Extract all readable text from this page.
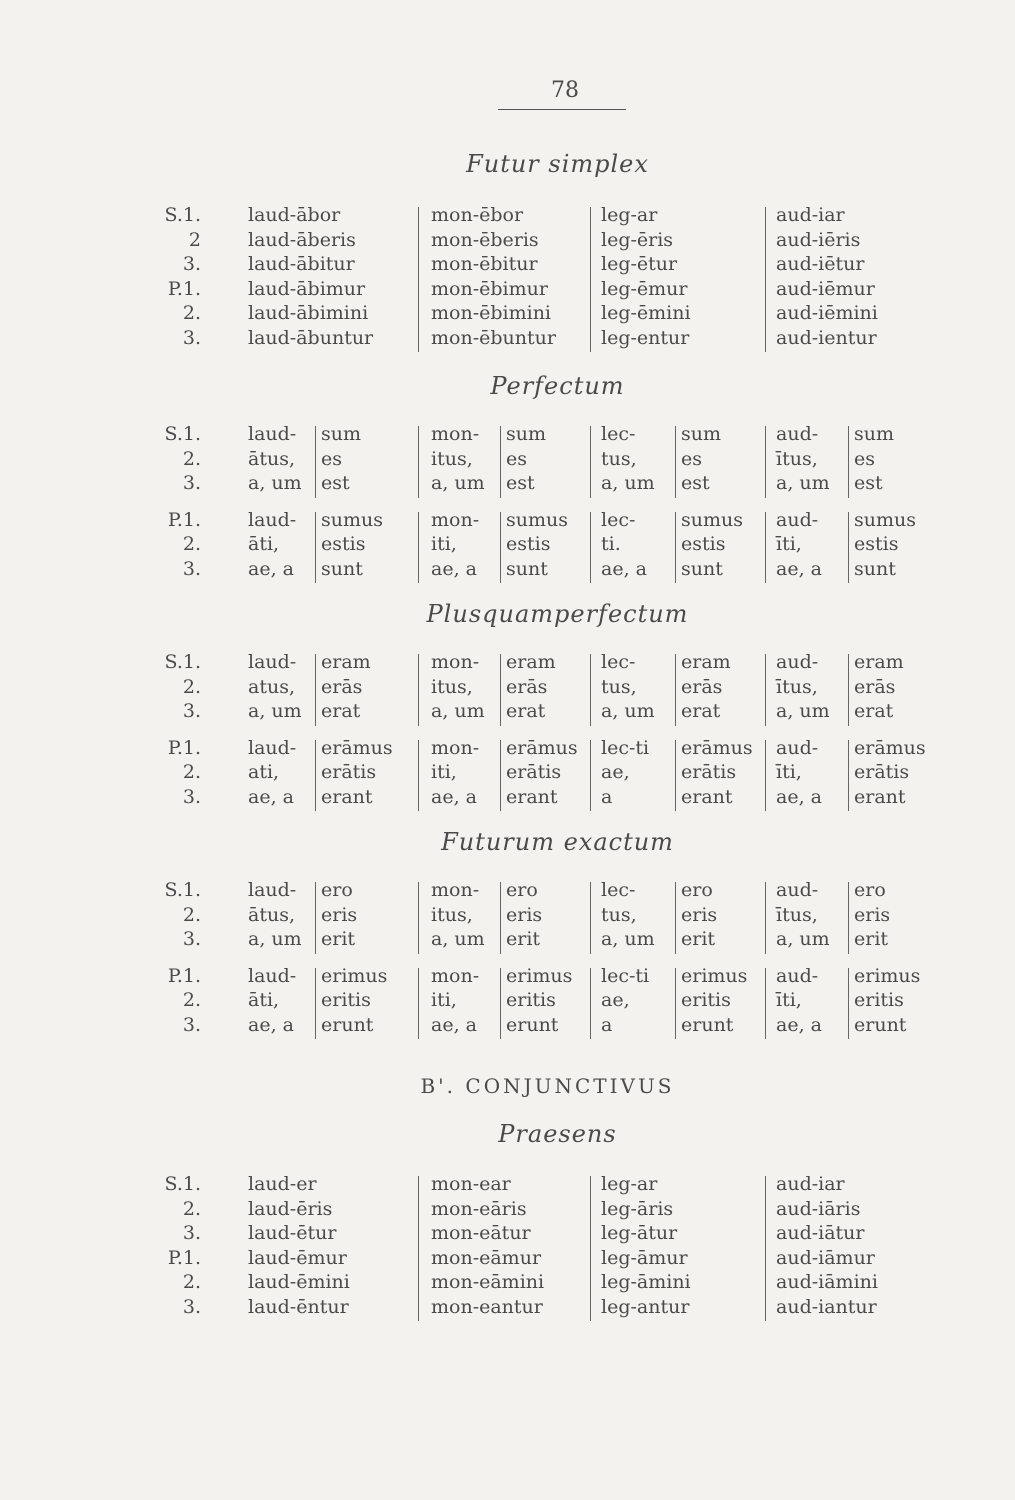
78
Futur simplex
S.1.
2
3.
P.1.
2.
3.
laud-ābor
laud-āberis
laud-ābitur
laud-ābimur
laud-ābimini
laud-ābuntur
mon-ēbor
mon-ēberis
mon-ēbitur
mon-ēbimur
mon-ēbimini
mon-ēbuntur
leg-ar
leg-ēris
leg-ētur
leg-ēmur
leg-ēmini
leg-entur
aud-iar
aud-iēris
aud-iētur
aud-iēmur
aud-iēmini
aud-ientur
Perfectum
S.1.
2.
3.
P.1.
2.
3.
laud-
ātus,
a, um
laud-
āti,
ae, a
sum
es
est
sumus
estis
sunt
mon-
itus,
a, um
mon-
iti,
ae, a
sum
es
est
sumus
estis
sunt
lec-
tus,
a, um
lec-
ti.
ae, a
sum
es
est
sumus
estis
sunt
aud-
ītus,
a, um
aud-
īti,
ae, a
sum
es
est
sumus
estis
sunt
Plusquamperfectum
S.1.
2.
3.
P.1.
2.
3.
laud-
atus,
a, um
laud-
ati,
ae, a
eram
erās
erat
erāmus
erātis
erant
mon-
itus,
a, um
mon-
iti,
ae, a
eram
erās
erat
erāmus
erātis
erant
lec-
tus,
a, um
lec-ti
ae,
a
eram
erās
erat
erāmus
erātis
erant
aud-
ītus,
a, um
aud-
īti,
ae, a
eram
erās
erat
erāmus
erātis
erant
Futurum exactum
S.1.
2.
3.
P.1.
2.
3.
laud-
ātus,
a, um
laud-
āti,
ae, a
ero
eris
erit
erimus
eritis
erunt
mon-
itus,
a, um
mon-
iti,
ae, a
ero
eris
erit
erimus
eritis
erunt
lec-
tus,
a, um
lec-ti
ae,
a
ero
eris
erit
erimus
eritis
erunt
aud-
ītus,
a, um
aud-
īti,
ae, a
ero
eris
erit
erimus
eritis
erunt
B'. CONJUNCTIVUS
Praesens
S.1.
2.
3.
P.1.
2.
3.
laud-er
laud-ēris
laud-ētur
laud-ēmur
laud-ēmini
laud-ēntur
mon-ear
mon-eāris
mon-eātur
mon-eāmur
mon-eāmini
mon-eantur
leg-ar
leg-āris
leg-ātur
leg-āmur
leg-āmini
leg-antur
aud-iar
aud-iāris
aud-iātur
aud-iāmur
aud-iāmini
aud-iantur
